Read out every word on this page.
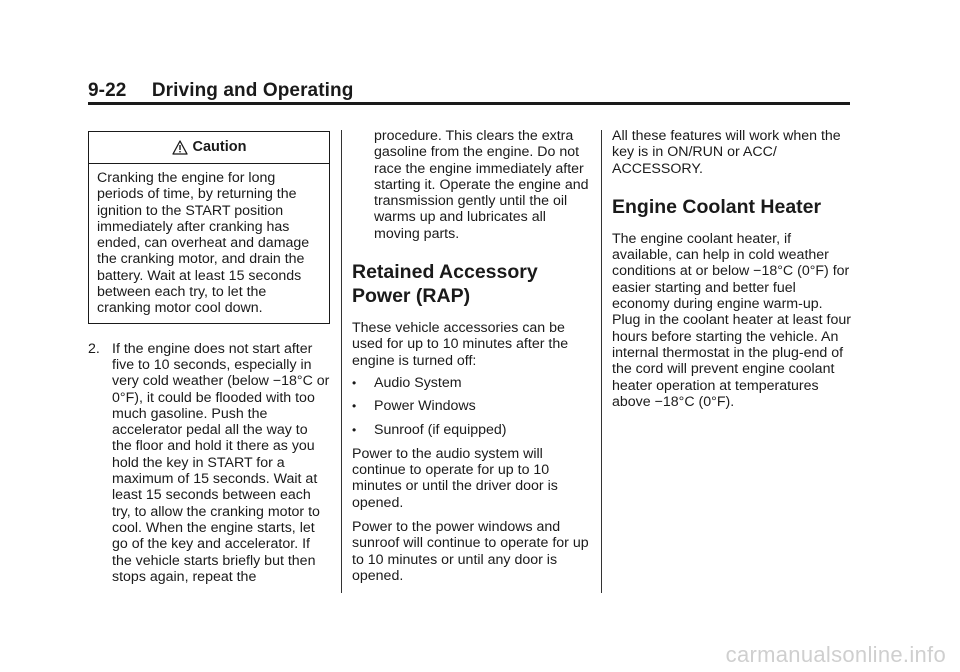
9-22 Driving and Operating
Caution
Cranking the engine for long periods of time, by returning the ignition to the START position immediately after cranking has ended, can overheat and damage the cranking motor, and drain the battery. Wait at least 15 seconds between each try, to let the cranking motor cool down.
2. If the engine does not start after five to 10 seconds, especially in very cold weather (below −18°C or 0°F), it could be flooded with too much gasoline. Push the accelerator pedal all the way to the floor and hold it there as you hold the key in START for a maximum of 15 seconds. Wait at least 15 seconds between each try, to allow the cranking motor to cool. When the engine starts, let go of the key and accelerator. If the vehicle starts briefly but then stops again, repeat the

procedure. This clears the extra gasoline from the engine. Do not race the engine immediately after starting it. Operate the engine and transmission gently until the oil warms up and lubricates all moving parts.

Retained Accessory Power (RAP)

These vehicle accessories can be used for up to 10 minutes after the engine is turned off:

•	Audio System
•	Power Windows
•	Sunroof (if equipped)

Power to the audio system will continue to operate for up to 10 minutes or until the driver door is opened.

Power to the power windows and sunroof will continue to operate for up to 10 minutes or until any door is opened.

All these features will work when the key is in ON/RUN or ACC/ ACCESSORY.

Engine Coolant Heater

The engine coolant heater, if available, can help in cold weather conditions at or below −18°C (0°F) for easier starting and better fuel economy during engine warm-up. Plug in the coolant heater at least four hours before starting the vehicle. An internal thermostat in the plug-end of the cord will prevent engine coolant heater operation at temperatures above −18°C (0°F).

carmanualsonline.info
